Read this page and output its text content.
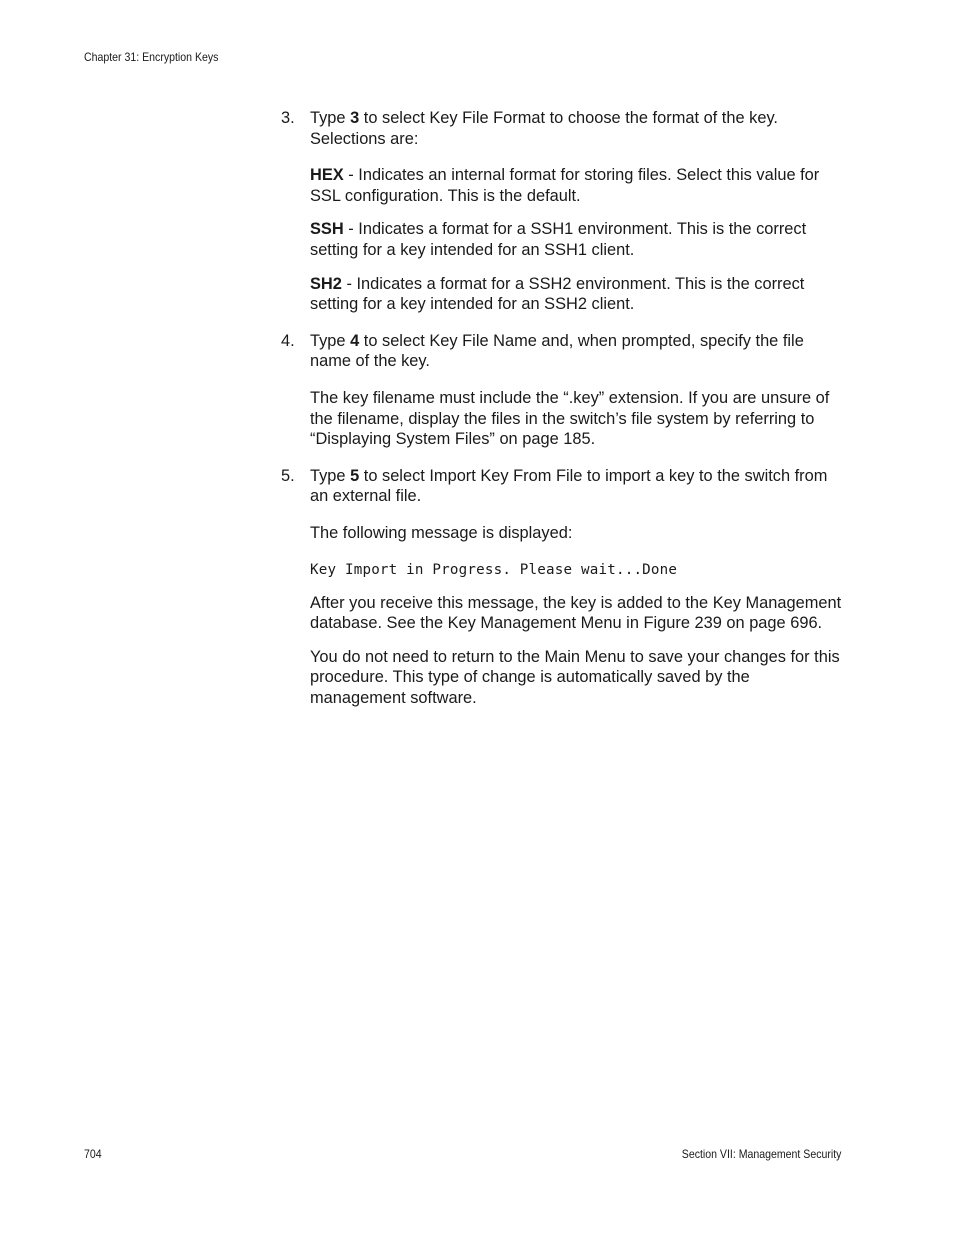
Chapter 31: Encryption Keys
3. Type 3 to select Key File Format to choose the format of the key. Selections are:
HEX - Indicates an internal format for storing files. Select this value for SSL configuration. This is the default.
SSH - Indicates a format for a SSH1 environment. This is the correct setting for a key intended for an SSH1 client.
SH2 - Indicates a format for a SSH2 environment. This is the correct setting for a key intended for an SSH2 client.
4. Type 4 to select Key File Name and, when prompted, specify the file name of the key.
The key filename must include the “.key” extension. If you are unsure of the filename, display the files in the switch’s file system by referring to “Displaying System Files” on page 185.
5. Type 5 to select Import Key From File to import a key to the switch from an external file.
The following message is displayed:
Key Import in Progress. Please wait...Done
After you receive this message, the key is added to the Key Management database. See the Key Management Menu in Figure 239 on page 696.
You do not need to return to the Main Menu to save your changes for this procedure. This type of change is automatically saved by the management software.
704	Section VII: Management Security
